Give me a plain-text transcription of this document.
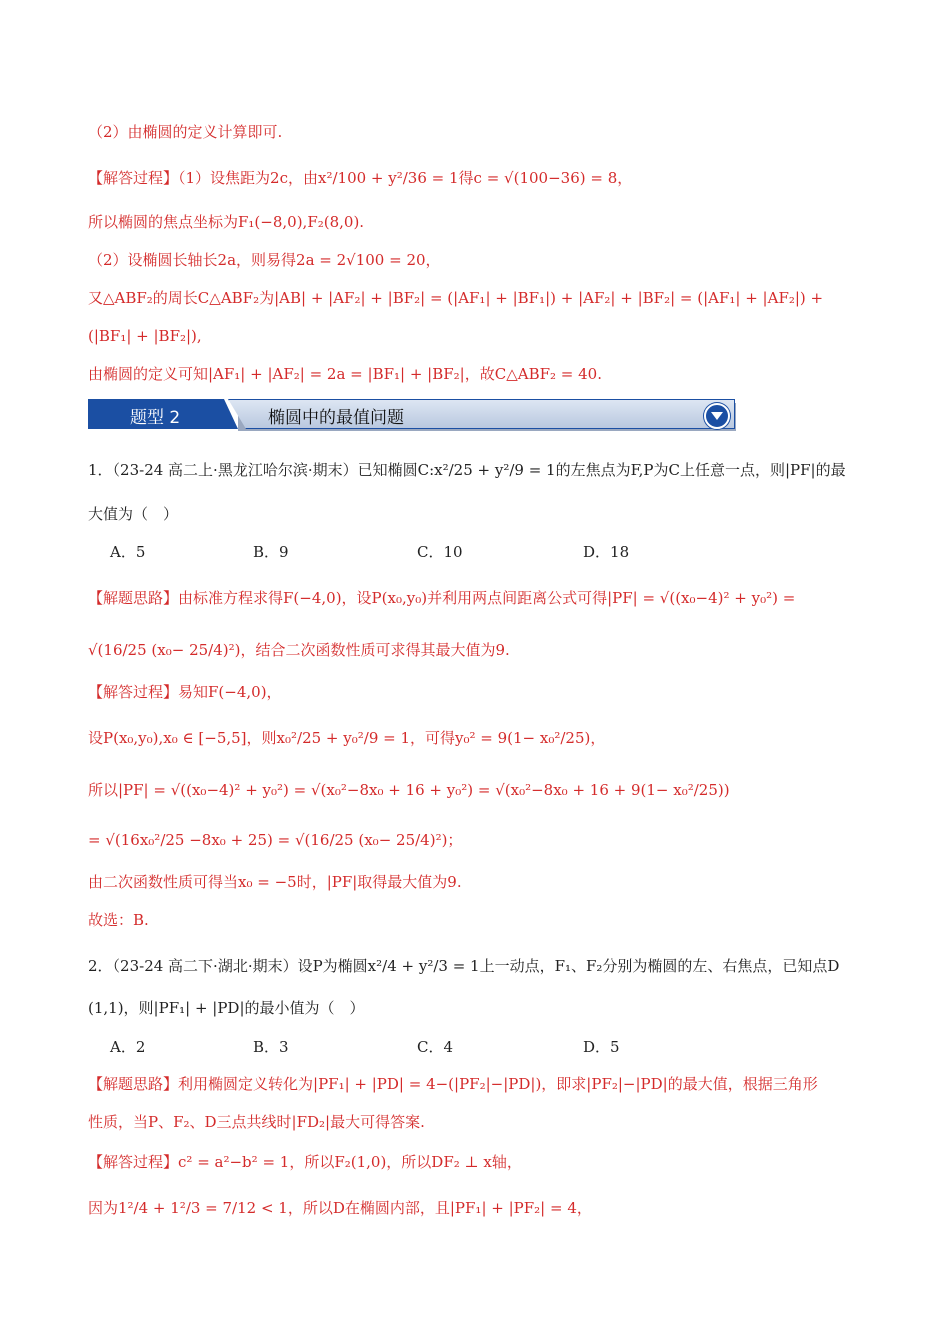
（2）由椭圆的定义计算即可.
【解答过程】（1）设焦距为2c，由x²/100 + y²/36 = 1得c = √(100−36) = 8，
所以椭圆的焦点坐标为F₁(−8,0),F₂(8,0).
（2）设椭圆长轴长2a，则易得2a = 2√100 = 20，
又△ABF₂的周长C△ABF₂为|AB| + |AF₂| + |BF₂| = (|AF₁| + |BF₁|) + |AF₂| + |BF₂| = (|AF₁| + |AF₂|) +
(|BF₁| + |BF₂|),
由椭圆的定义可知|AF₁| + |AF₂| = 2a = |BF₁| + |BF₂|，故C△ABF₂ = 40.
题型 2	椭圆中的最值问题
1．（23-24 高二上·黑龙江哈尔滨·期末）已知椭圆C:x²/25 + y²/9 = 1的左焦点为F,P为C上任意一点，则|PF|的最
大值为（　）
A．5	B．9	C．10	D．18
【解题思路】由标准方程求得F(−4,0)，设P(x₀,y₀)并利用两点间距离公式可得|PF| = √((x₀−4)² + y₀²) =
√(16/25 (x₀− 25/4)²)，结合二次函数性质可求得其最大值为9.
【解答过程】易知F(−4,0)，
设P(x₀,y₀),x₀ ∈ [−5,5]，则x₀²/25 + y₀²/9 = 1，可得y₀² = 9(1− x₀²/25)，
所以|PF| = √((x₀−4)² + y₀²) = √(x₀²−8x₀ + 16 + y₀²) = √(x₀²−8x₀ + 16 + 9(1− x₀²/25))
= √(16x₀²/25 −8x₀ + 25) = √(16/25 (x₀− 25/4)²)；
由二次函数性质可得当x₀ = −5时，|PF|取得最大值为9.
故选：B.
2．（23-24 高二下·湖北·期末）设P为椭圆x²/4 + y²/3 = 1上一动点，F₁、F₂分别为椭圆的左、右焦点，已知点D
(1,1)，则|PF₁| + |PD|的最小值为（　）
A．2	B．3	C．4	D．5
【解题思路】利用椭圆定义转化为|PF₁| + |PD| = 4−(|PF₂|−|PD|)，即求|PF₂|−|PD|的最大值，根据三角形
性质，当P、F₂、D三点共线时|FD₂|最大可得答案.
【解答过程】c² = a²−b² = 1，所以F₂(1,0)，所以DF₂ ⊥ x轴，
因为1²/4 + 1²/3 = 7/12 < 1，所以D在椭圆内部，且|PF₁| + |PF₂| = 4，
